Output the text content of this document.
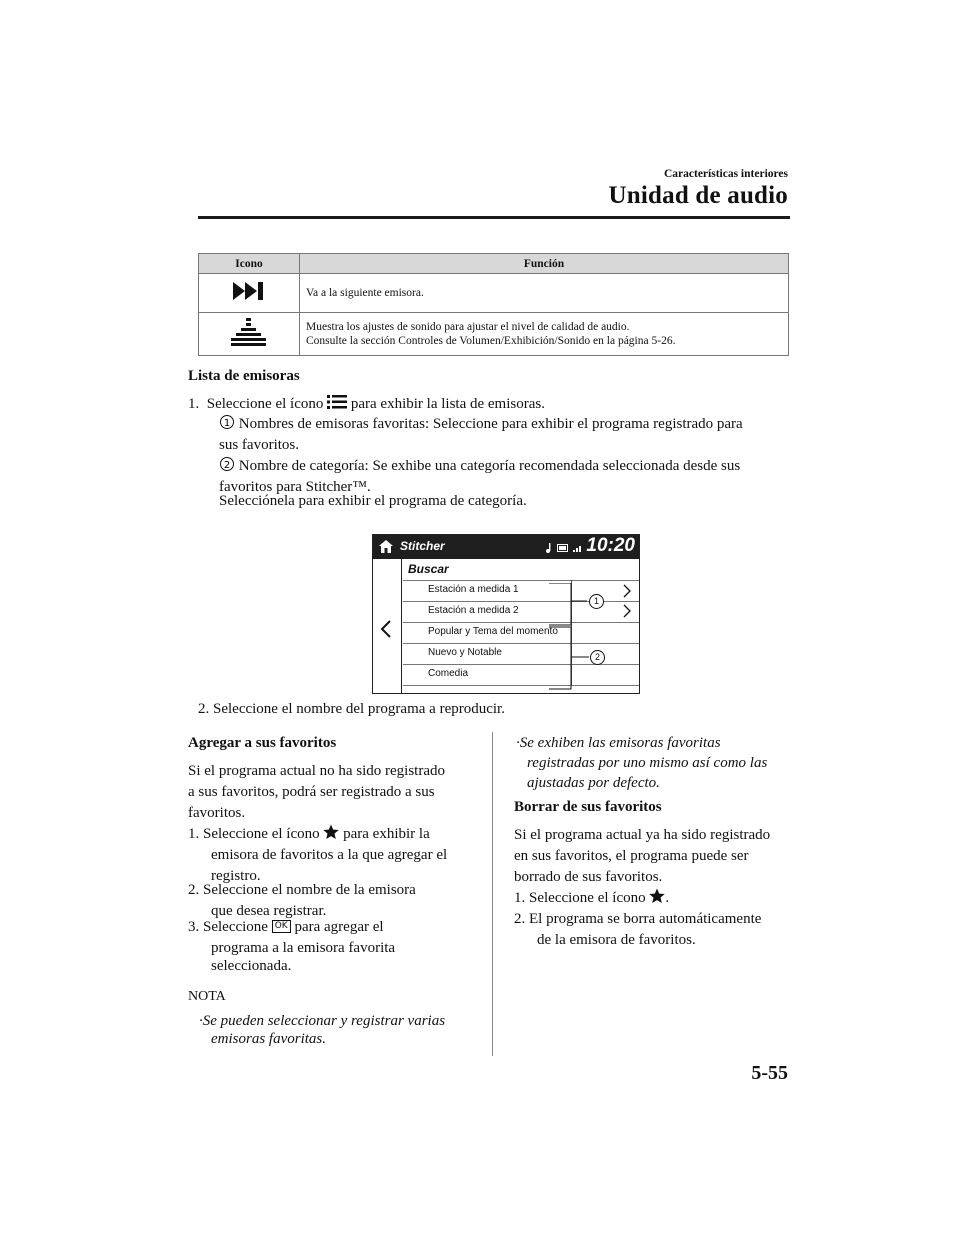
Características interiores
Unidad de audio
Icono	Función
	Va a la siguiente emisora.

Muestra los ajustes de sonido para ajustar el nivel de calidad de audio.
Consulte la sección Controles de Volumen/Exhibición/Sonido en la página 5-26.
Lista de emisoras
1. Seleccione el ícono para exhibir la lista de emisoras.
1 Nombres de emisoras favoritas: Seleccione para exhibir el programa registrado para
sus favoritos.
2 Nombre de categoría: Se exhibe una categoría recomendada seleccionada desde sus
favoritos para Stitcher™.
Selecciónela para exhibir el programa de categoría.
Stitcher	10:20
Buscar
Estación a medida 1
Estación a medida 2
Popular y Tema del momento
Nuevo y Notable
Comedia
1
2
2. Seleccione el nombre del programa a reproducir.
Agregar a sus favoritos
Si el programa actual no ha sido registrado
a sus favoritos, podrá ser registrado a sus
favoritos.
1. Seleccione el ícono para exhibir la
emisora de favoritos a la que agregar el
registro.
2. Seleccione el nombre de la emisora
que desea registrar.
3. Seleccione OK para agregar el
programa a la emisora favorita
seleccionada.
NOTA
·Se pueden seleccionar y registrar varias
emisoras favoritas.
·Se exhiben las emisoras favoritas
registradas por uno mismo así como las
ajustadas por defecto.
Borrar de sus favoritos
Si el programa actual ya ha sido registrado
en sus favoritos, el programa puede ser
borrado de sus favoritos.
1. Seleccione el ícono .
2. El programa se borra automáticamente
de la emisora de favoritos.
5-55
